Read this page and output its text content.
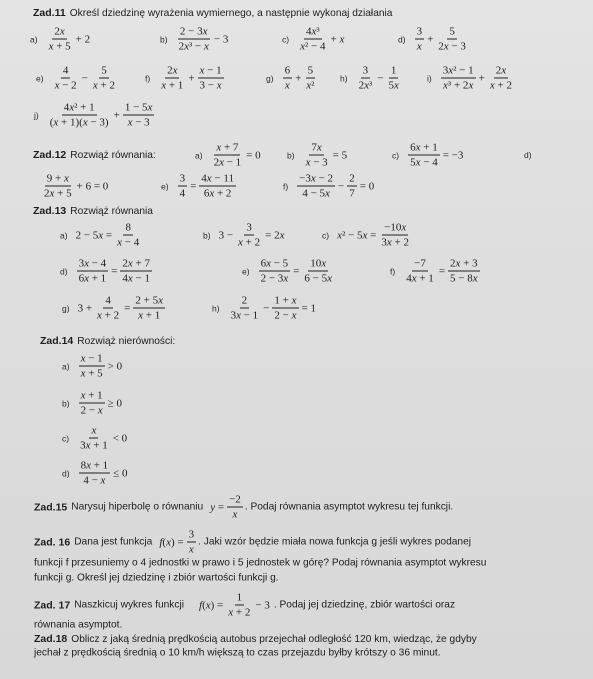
Zad.11 Określ dziedzinę wyrażenia wymiernego, a następnie wykonaj działania
$a) \frac{2x}{x + 5} + 2$	$b) \frac{2 - 3x}{\text{2x³ − x}} - 3$	$c) \frac{\text{4x³}}{\text{x² − 4}} + x$	$d) \frac{3}{x} + \frac{5}{2x - 3}$
$e) \frac{4}{x - 2} - \frac{5}{x + 2}$	$f) \frac{2x}{x + 1} + \frac{x - 1}{3 - x}$	$g) \frac{6}{x} + \frac{5}{\text{x²}}$	$h) \frac{3}{\text{2x³}} - \frac{1}{5x}$	$i) \frac{\text{3x² − 1}}{\text{x³ + 2x}} + \frac{2x}{x + 2}$
$j) \frac{\text{4x² + 1}}{(x + 1)(x - 3)} + \frac{1 - 5x}{x - 3}$
Zad.12 Rozwiąż równania:	$a) \frac{x + 7}{2x - 1} = 0$	$b) \frac{7x}{x - 3} = 5$	$c) \frac{6x + 1}{5x - 4} = -3$	d)
$\frac{9 + x}{2x + 5} + 6 = 0$	$e) \frac{3}{4} = \frac{4x - 11}{6x + 2}$	$f) \frac{-3x - 2}{4 - 5x} - \frac{2}{7} = 0$
Zad.13 Rozwiąż równania
a) $2 - 5x = \frac{8}{x - 4}$	b) $3 - \frac{3}{x + 2} = 2x$	c) $x^2 - 5x = \frac{-10x}{3x + 2}$
$d) \frac{3x - 4}{6x + 1} = \frac{2x + 7}{4x - 1}$	$e) \frac{6x - 5}{2 - 3x} = \frac{10x}{6 - 5x}$	$f) \frac{-7}{4x + 1} = \frac{2x + 3}{5 - 8x}$
g) $3 + \frac{4}{x + 2} = \frac{2 + 5x}{x + 1}$	$h) \frac{2}{3x - 1} - \frac{1 + x}{2 - x} = 1$
Zad.14 Rozwiąż nierówności:
$a) \frac{x - 1}{x + 5} > 0$
$b) \frac{x + 1}{2 - x} \ge 0$
$c) \frac{x}{3x + 1} < 0$
$d) \frac{8x + 1}{4 - x} \le 0$
Zad.15 Narysuj hiperbolę o równaniu $y = \frac{-2}{x}$ . Podaj równania asymptot wykresu tej funkcji.
Zad. 16 Dana jest funkcja $f(x) = \frac{3}{x}$ . Jaki wzór będzie miała nowa funkcja g jeśli wykres podanej
funkcji f przesuniemy o 4 jednostki w prawo i 5 jednostek w górę? Podaj równania asymptot wykresu
funkcji g. Określ jej dziedzinę i zbiór wartości funkcji g.
Zad. 17 Naszkicuj wykres funkcji $f(x) = \frac{1}{x + 2} - 3$ . Podaj jej dziedzinę, zbiór wartości oraz
równania asymptot.
Zad.18 Oblicz z jaką średnią prędkością autobus przejechał odległość 120 km, wiedząc, że gdyby
jechał z prędkością średnią o 10 km/h większą to czas przejazdu byłby krótszy o 36 minut.
